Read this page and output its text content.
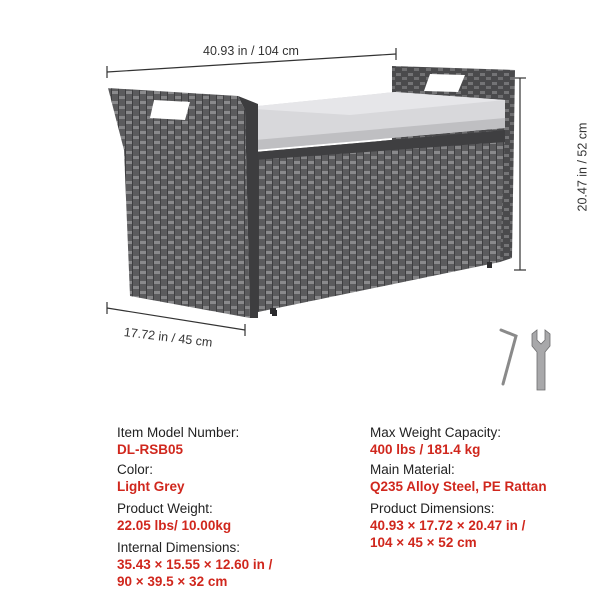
40.93 in / 104 cm
20.47 in / 52 cm
17.72 in / 45 cm
Item Model Number:
DL-RSB05
Color:
Light Grey
Product Weight:
22.05 lbs/ 10.00kg
Internal Dimensions:
35.43 × 15.55 × 12.60 in /
90 × 39.5 × 32 cm
Max Weight Capacity:
400 lbs / 181.4 kg
Main Material:
Q235 Alloy Steel, PE Rattan
Product Dimensions:
40.93 × 17.72 × 20.47 in /
104 × 45 × 52 cm
